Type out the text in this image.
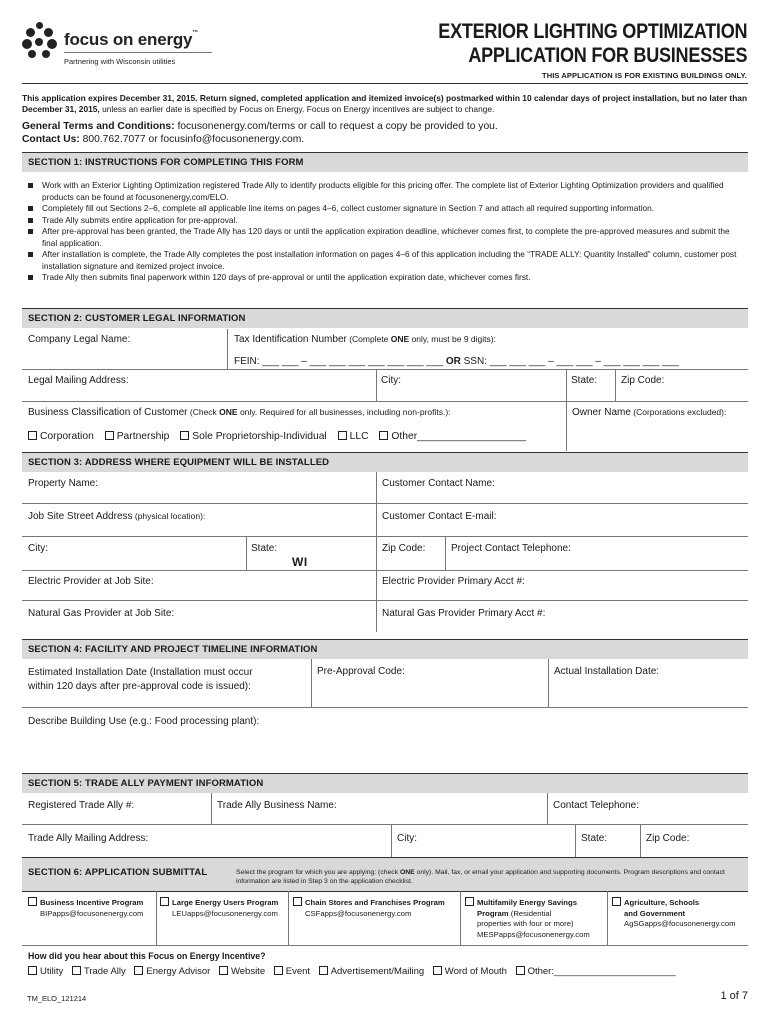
focus on energy™
Partnering with Wisconsin utilities
EXTERIOR LIGHTING OPTIMIZATION
APPLICATION FOR BUSINESSES
THIS APPLICATION IS FOR EXISTING BUILDINGS ONLY.
This application expires December 31, 2015. Return signed, completed application and itemized invoice(s) postmarked within 10 calendar days of project installation, but no later than December 31, 2015, unless an earlier date is specified by Focus on Energy. Focus on Energy incentives are subject to change.
General Terms and Conditions: focusonenergy.com/terms or call to request a copy be provided to you.
Contact Us: 800.762.7077 or focusinfo@focusonenergy.com.
SECTION 1: INSTRUCTIONS FOR COMPLETING THIS FORM
Work with an Exterior Lighting Optimization registered Trade Ally to identify products eligible for this pricing offer. The complete list of Exterior Lighting Optimization providers and qualified products can be found at focusonenergy.com/ELO.
Completely fill out Sections 2–6, complete all applicable line items on pages 4–6, collect customer signature in Section 7 and attach all required supporting information.
Trade Ally submits entire application for pre-approval.
After pre-approval has been granted, the Trade Ally has 120 days or until the application expiration deadline, whichever comes first, to complete the pre-approved measures and submit the final application.
After installation is complete, the Trade Ally completes the post installation information on pages 4–6 of this application including the “TRADE ALLY: Quantity Installed” column, customer post installation signature and itemized project invoice.
Trade Ally then submits final paperwork within 120 days of pre-approval or until the application expiration date, whichever comes first.
SECTION 2: CUSTOMER LEGAL INFORMATION
Company Legal Name:	Tax Identification Number (Complete ONE only, must be 9 digits):
FEIN: ___ ___ – ___ ___ ___ ___ ___ ___ ___ OR SSN: ___ ___ ___ – ___ ___ – ___ ___ ___ ___
Legal Mailing Address:	City:	State: Zip Code:
Business Classification of Customer (Check ONE only. Required for all businesses, including non-profits.):	Owner Name (Corporations excluded):
Corporation Partnership Sole Proprietorship-Individual LLC Other___________________
SECTION 3: ADDRESS WHERE EQUIPMENT WILL BE INSTALLED
Property Name:	Customer Contact Name:
Job Site Street Address (physical location):	Customer Contact E-mail:
City:	State:
WI
Zip Code:	Project Contact Telephone:
Electric Provider at Job Site:	Electric Provider Primary Acct #:
Natural Gas Provider at Job Site:	Natural Gas Provider Primary Acct #:
SECTION 4: FACILITY AND PROJECT TIMELINE INFORMATION
Estimated Installation Date (Installation must occur
within 120 days after pre-approval code is issued):
Pre-Approval Code:	Actual Installation Date:
Describe Building Use (e.g.: Food processing plant):
SECTION 5: TRADE ALLY PAYMENT INFORMATION
Registered Trade Ally #:	Trade Ally Business Name:	Contact Telephone:
Trade Ally Mailing Address:	City:	State:	Zip Code:
SECTION 6: APPLICATION SUBMITTAL	Select the program for which you are applying: (check ONE only). Mail, fax, or email your application and supporting documents. Program descriptions and contact information are listed in Step 3 on the application checklist.
Business Incentive Program
BIPapps@focusonenergy.com
Large Energy Users Program
LEUapps@focusonenergy.com
Chain Stores and Franchises Program
CSFapps@focusonenergy.com
Multifamily Energy Savings
Program (Residential
properties with four or more)
MESPapps@focusonenergy.com
Agriculture, Schools
and Government
AgSGapps@focusonenergy.com
How did you hear about this Focus on Energy Incentive?
Utility Trade Ally Energy Advisor Website Event Advertisement/Mailing Word of Mouth Other:_______________________
TM_ELO_121214	1 of 7
